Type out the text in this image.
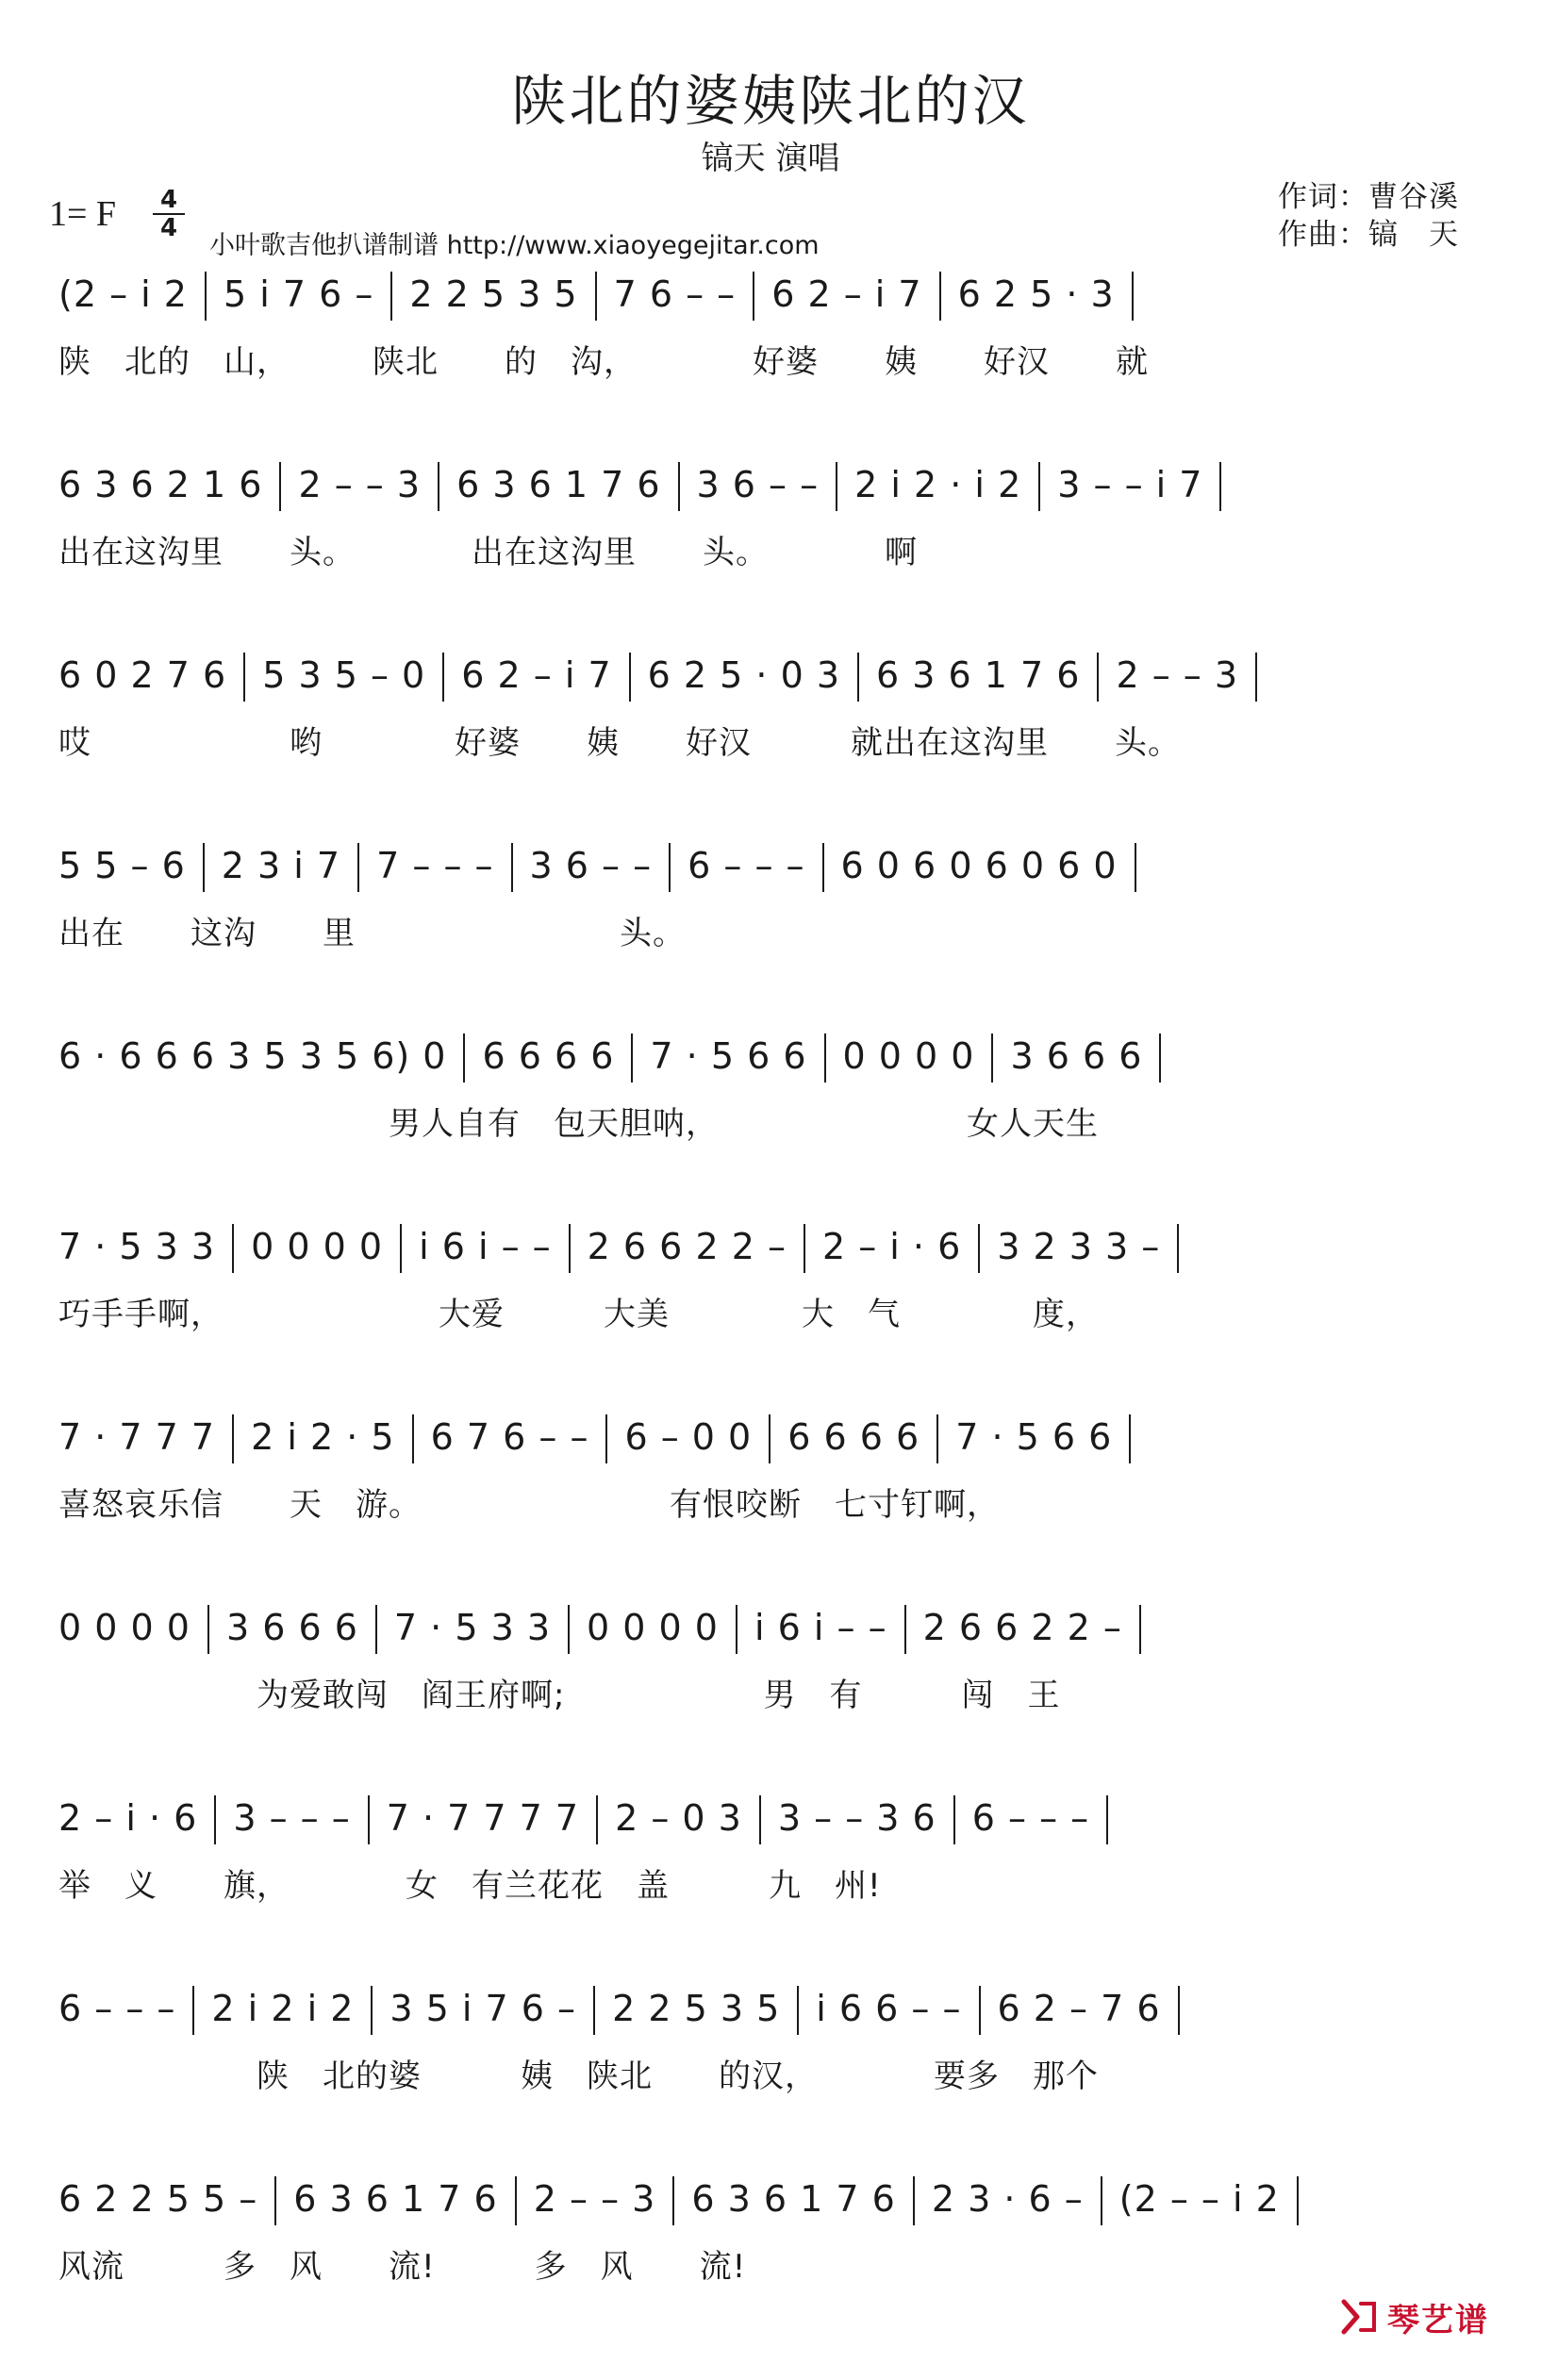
陕北的婆姨陕北的汉
镐天 演唱
1= F $\frac{4}{4}$
小叶歌吉他扒谱制谱 http://www.xiaoyegejitar.com
作词：曹谷溪
作曲：镐　天
(2 – i 2 5 i 7 6 – 2 2 5 3 5 7 6 – – 6 2 – i 7 6 2 5 · 3
陕　北的　山，　　　陕北　　的　沟，　　　　好婆　　姨　　好汉　　就
6 3 6 2 1 6 2 – – 3 6 3 6 1 7 6 3 6 – – 2 i 2 · i 2 3 – – i 7
出在这沟里　　头。　　　　出在这沟里　　头。　　　　啊
6 0 2 7 6 5 3 5 – 0 6 2 – i 7 6 2 5 · 0 3 6 3 6 1 7 6 2 – – 3
哎　　　　　　哟　　　　好婆　　姨　　好汉　　　就出在这沟里　　头。
5 5 – 6 2 3 i 7 7 – – – 3 6 – – 6 – – – 6 0 6 0 6 0 6 0
出在　　这沟　　里　　　　　　　　头。
6 · 6 6 6 3 5 3 5 6) 0 6 6 6 6 7 · 5 6 6 0 0 0 0 3 6 6 6
　　　　　　　　　　男人自有　包天胆呐，　　　　　　　　女人天生
7 · 5 3 3 0 0 0 0 i 6 i – – 2 6 6 2 2 – 2 – i · 6 3 2 3 3 –
巧手手啊，　　　　　　　大爱　　　大美　　　　大　气　　　　度，
7 · 7 7 7 2 i 2 · 5 6 7 6 – – 6 – 0 0 6 6 6 6 7 · 5 6 6
喜怒哀乐信　　天　游。　　　　　　　　有恨咬断　七寸钉啊，
0 0 0 0 3 6 6 6 7 · 5 3 3 0 0 0 0 i 6 i – – 2 6 6 2 2 –
　　　　　　为爱敢闯　阎王府啊;　　　　　　男　有　　　闯　王
2 – i · 6 3 – – – 7 · 7 7 7 7 2 – 0 3 3 – – 3 6 6 – – –
举　义　　旗，　　　　女　有兰花花　盖　　　九　州!
6 – – – 2 i 2 i 2 3 5 i 7 6 – 2 2 5 3 5 i 6 6 – – 6 2 – 7 6
　　　　　　陕　北的婆　　　姨　陕北　　的汉，　　　　要多　那个
6 2 2 5 5 – 6 3 6 1 7 6 2 – – 3 6 3 6 1 7 6 2 3 · 6 – (2 – – i 2
风流　　　多　风　　流!　　　多　风　　流!
琴艺谱
